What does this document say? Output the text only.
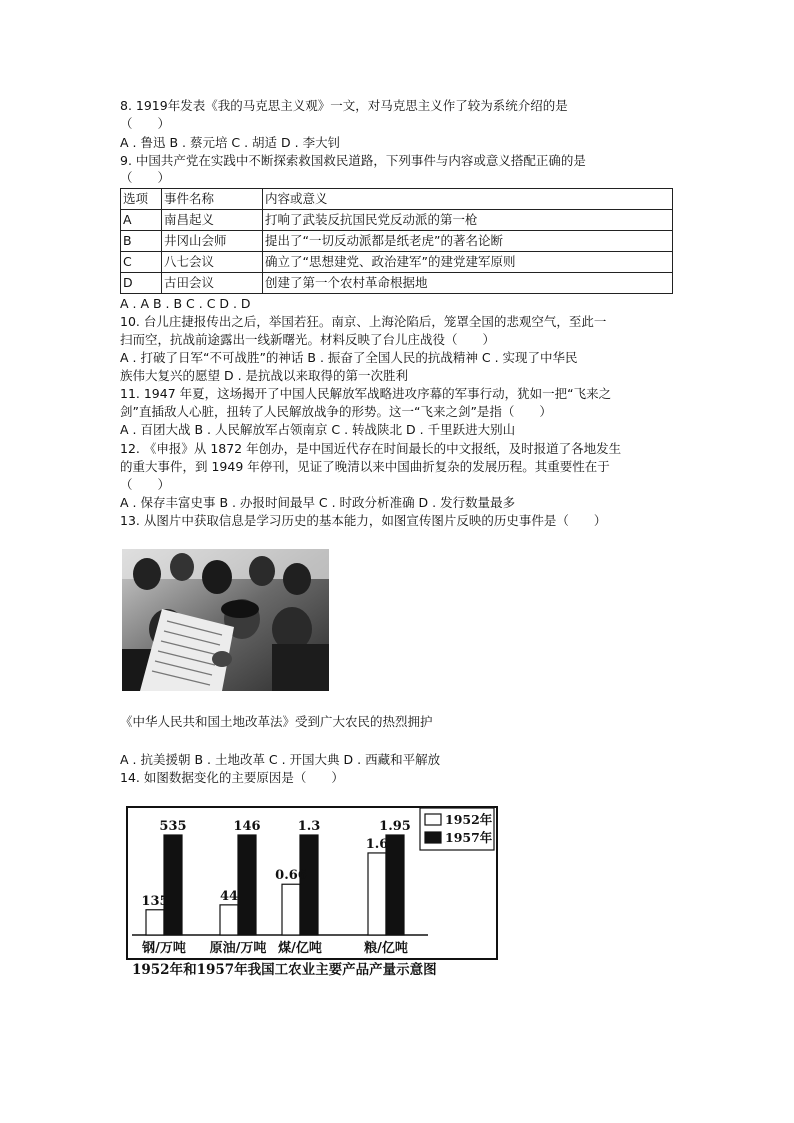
8. 1919年发表《我的马克思主义观》一文，对马克思主义作了较为系统介绍的是
（　　）
A . 鲁迅 B . 蔡元培 C . 胡适 D . 李大钊
9. 中国共产党在实践中不断探索救国救民道路，下列事件与内容或意义搭配正确的是
（　　）
选项	事件名称	内容或意义
A	南昌起义	打响了武装反抗国民党反动派的第一枪
B	井冈山会师	提出了“一切反动派都是纸老虎”的著名论断
C	八七会议	确立了“思想建党、政治建军”的建党建军原则
D	古田会议	创建了第一个农村革命根据地
A . A B . B C . C D . D
10. 台儿庄捷报传出之后，举国若狂。南京、上海沦陷后，笼罩全国的悲观空气，至此一
扫而空，抗战前途露出一线新曙光。材料反映了台儿庄战役（　　）
A . 打破了日军“不可战胜”的神话 B . 振奋了全国人民的抗战精神 C . 实现了中华民
族伟大复兴的愿望 D . 是抗战以来取得的第一次胜利
11. 1947 年夏，这场揭开了中国人民解放军战略进攻序幕的军事行动，犹如一把“飞来之
剑”直插敌人心脏，扭转了人民解放战争的形势。这一“飞来之剑”是指（　　）
A . 百团大战 B . 人民解放军占领南京 C . 转战陕北 D . 千里跃进大别山
12. 《申报》从 1872 年创办，是中国近代存在时间最长的中文报纸，及时报道了各地发生
的重大事件，到 1949 年停刊，见证了晚清以来中国曲折复杂的发展历程。其重要性在于
（　　）
A . 保存丰富史事 B . 办报时间最早 C . 时政分析准确 D . 发行数量最多
13. 从图片中获取信息是学习历史的基本能力，如图宣传图片反映的历史事件是（　　）
《中华人民共和国土地改革法》受到广大农民的热烈拥护
A . 抗美援朝 B . 土地改革 C . 开国大典 D . 西藏和平解放
14. 如图数据变化的主要原因是（　　）
135
535
钢/万吨
44
146
原油/万吨
0.66
1.3
煤/亿吨
1.6
1.95
粮/亿吨
1952年
1957年
1952年和1957年我国工农业主要产品产量示意图
